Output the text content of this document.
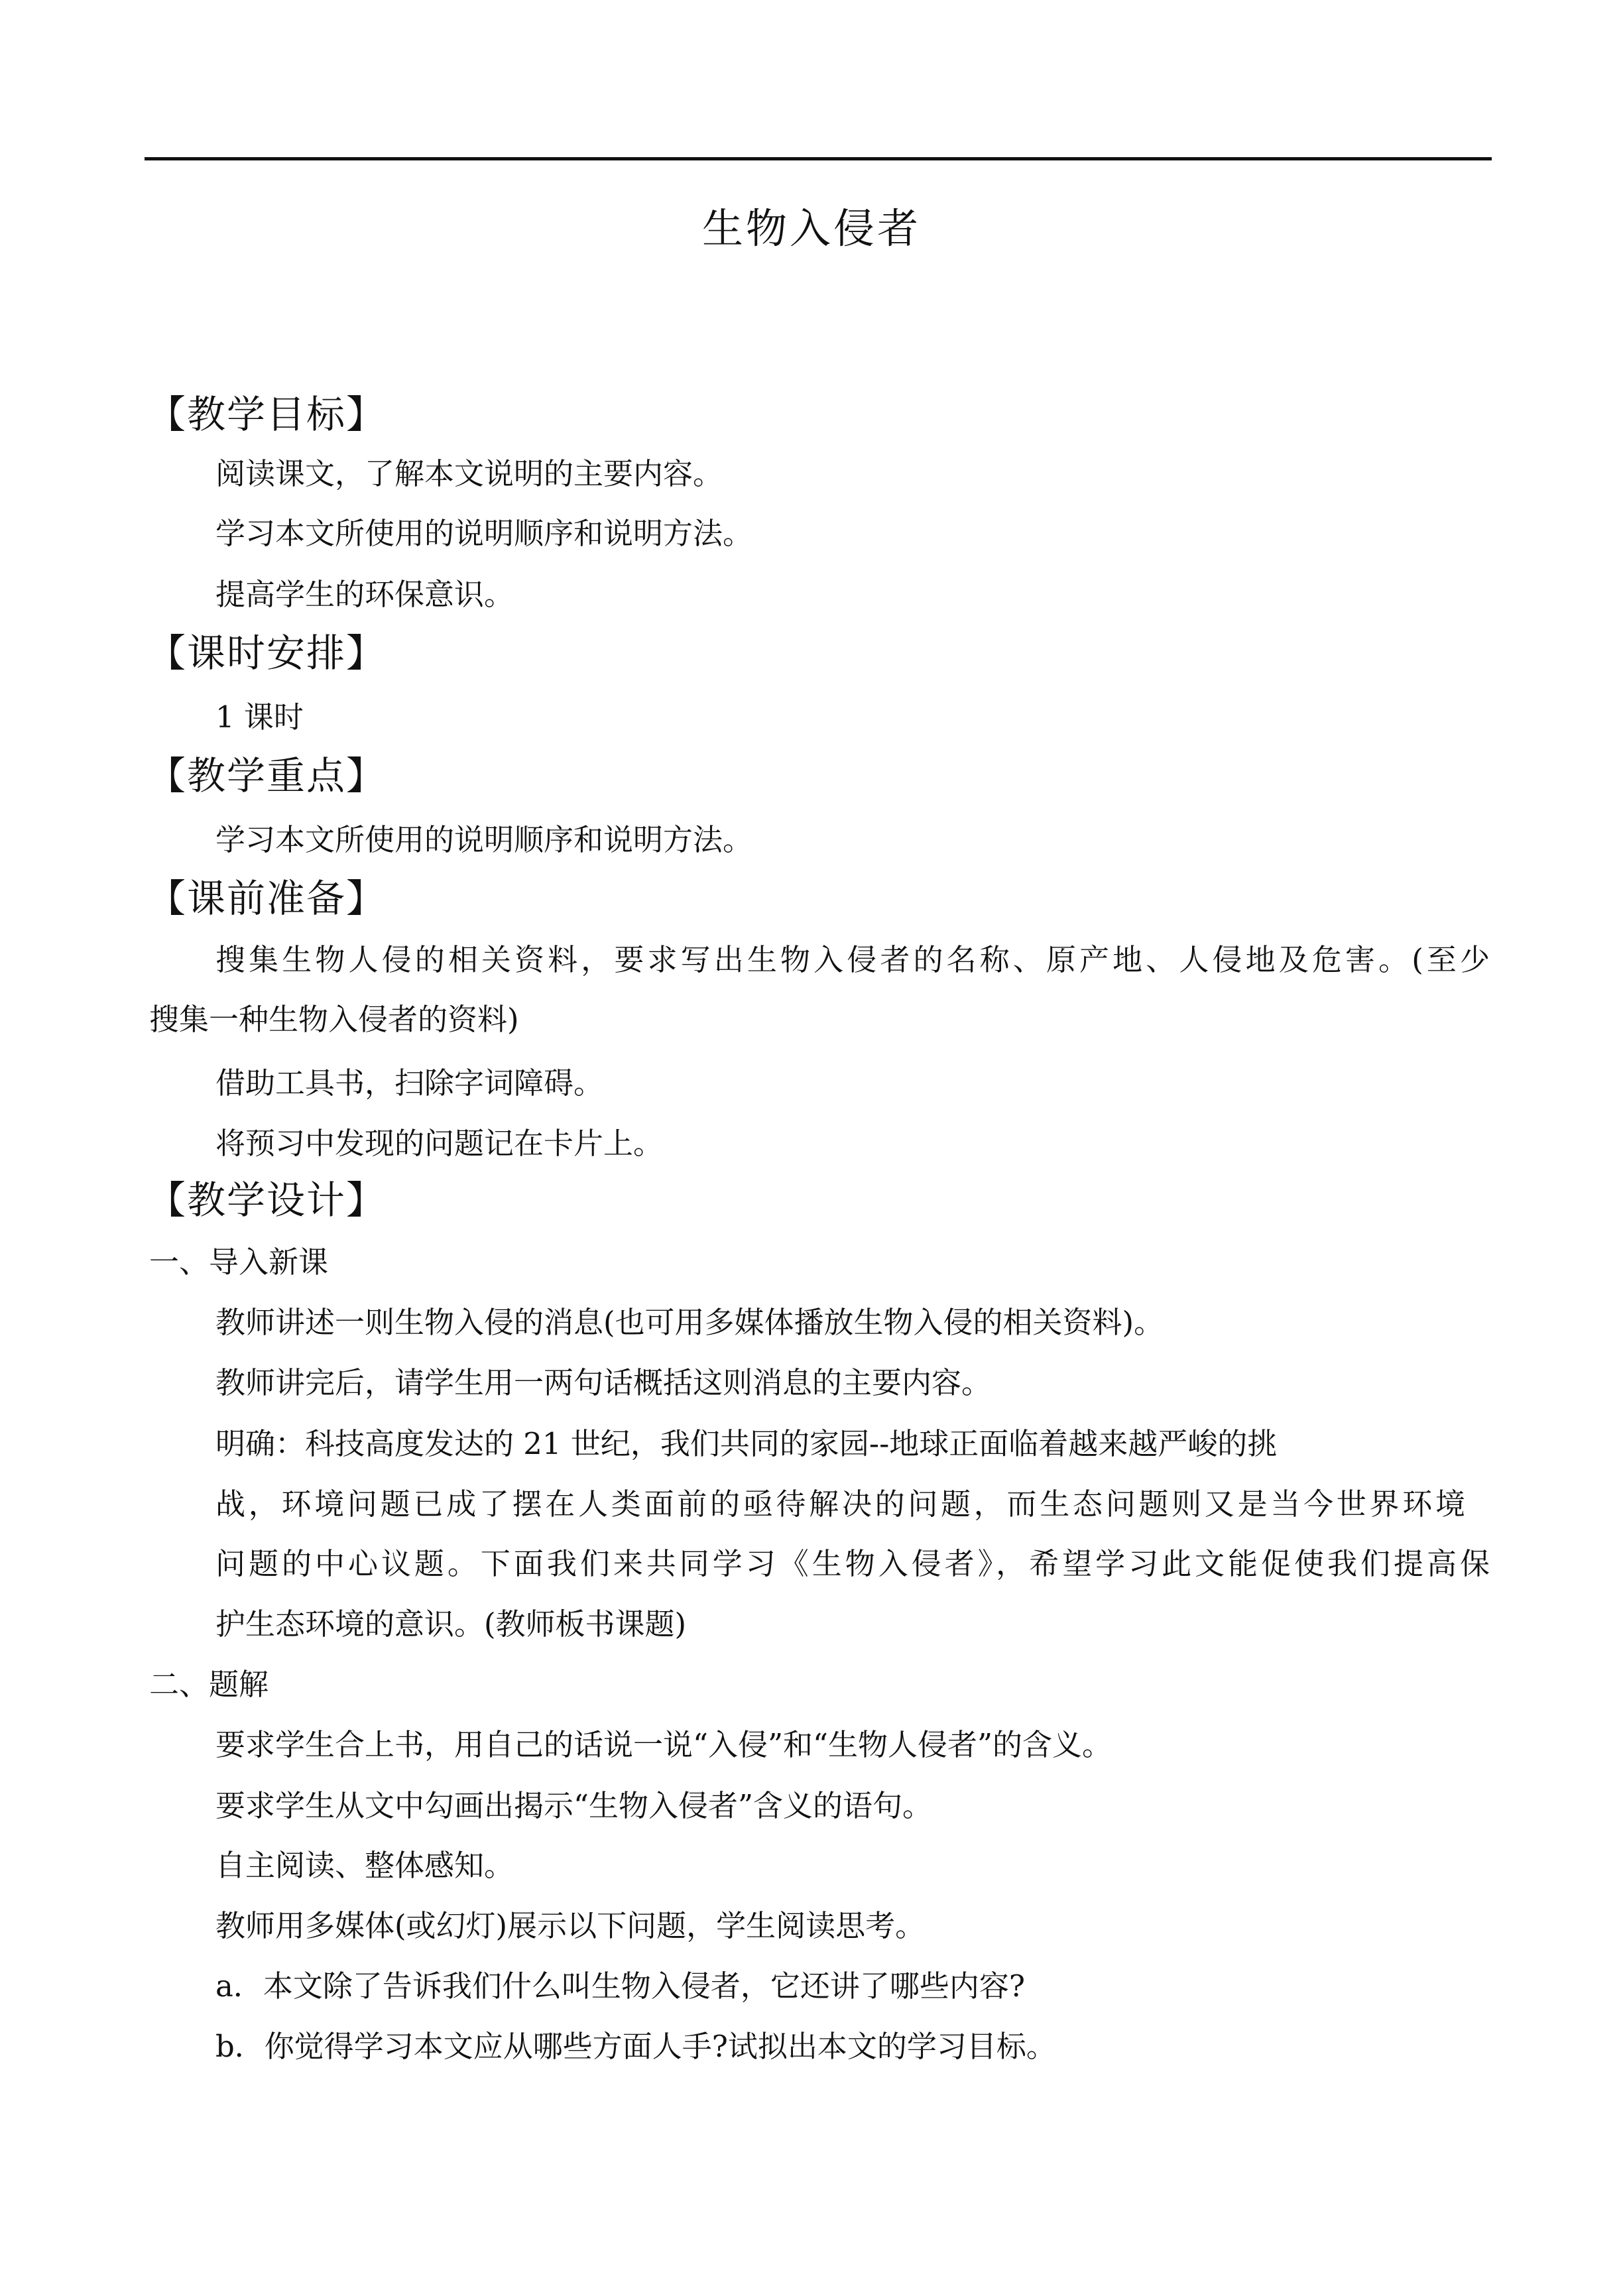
生物入侵者
【教学目标】
阅读课文，了解本文说明的主要内容。
学习本文所使用的说明顺序和说明方法。
提高学生的环保意识。
【课时安排】
1 课时
【教学重点】
学习本文所使用的说明顺序和说明方法。
【课前准备】
搜集生物人侵的相关资料，要求写出生物入侵者的名称、原产地、人侵地及危害。(至少
搜集一种生物入侵者的资料)
借助工具书，扫除字词障碍。
将预习中发现的问题记在卡片上。
【教学设计】
一、导入新课
教师讲述一则生物入侵的消息(也可用多媒体播放生物入侵的相关资料)。
教师讲完后，请学生用一两句话概括这则消息的主要内容。
明确：科技高度发达的 21 世纪，我们共同的家园--地球正面临着越来越严峻的挑
战，环境问题已成了摆在人类面前的亟待解决的问题，而生态问题则又是当今世界环境
问题的中心议题。下面我们来共同学习《生物入侵者》，希望学习此文能促使我们提高保
护生态环境的意识。(教师板书课题)
二、题解
要求学生合上书，用自己的话说一说“入侵”和“生物人侵者”的含义。
要求学生从文中勾画出揭示“生物入侵者”含义的语句。
自主阅读、整体感知。
教师用多媒体(或幻灯)展示以下问题，学生阅读思考。
a．本文除了告诉我们什么叫生物入侵者，它还讲了哪些内容?
b．你觉得学习本文应从哪些方面人手?试拟出本文的学习目标。
